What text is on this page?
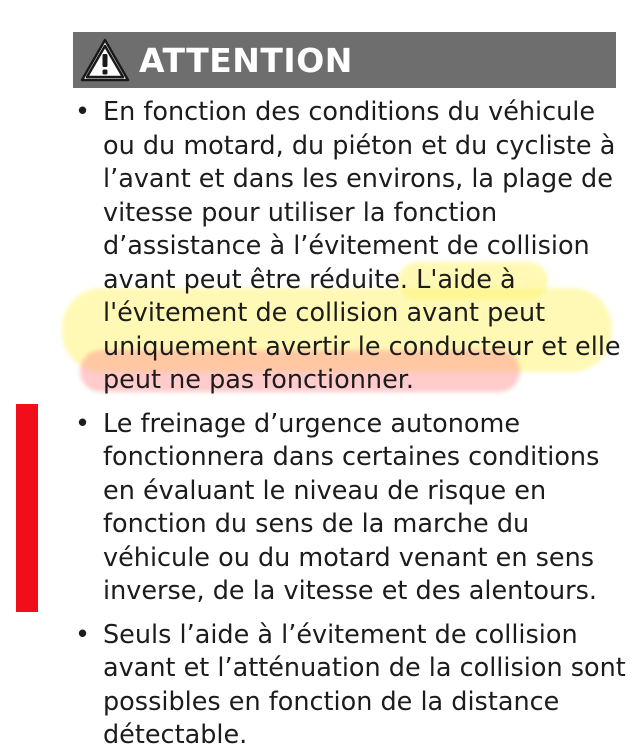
ATTENTION
• En fonction des conditions du véhicule ou du motard, du piéton et du cycliste à l’avant et dans les environs, la plage de vitesse pour utiliser la fonction d’assistance à l’évitement de collision avant peut être réduite. L'aide à l'évitement de collision avant peut uniquement avertir le conducteur et elle peut ne pas fonctionner.
• Le freinage d’urgence autonome fonctionnera dans certaines conditions en évaluant le niveau de risque en fonction du sens de la marche du véhicule ou du motard venant en sens inverse, de la vitesse et des alentours.
• Seuls l’aide à l’évitement de collision avant et l’atténuation de la collision sont possibles en fonction de la distance détectable.
